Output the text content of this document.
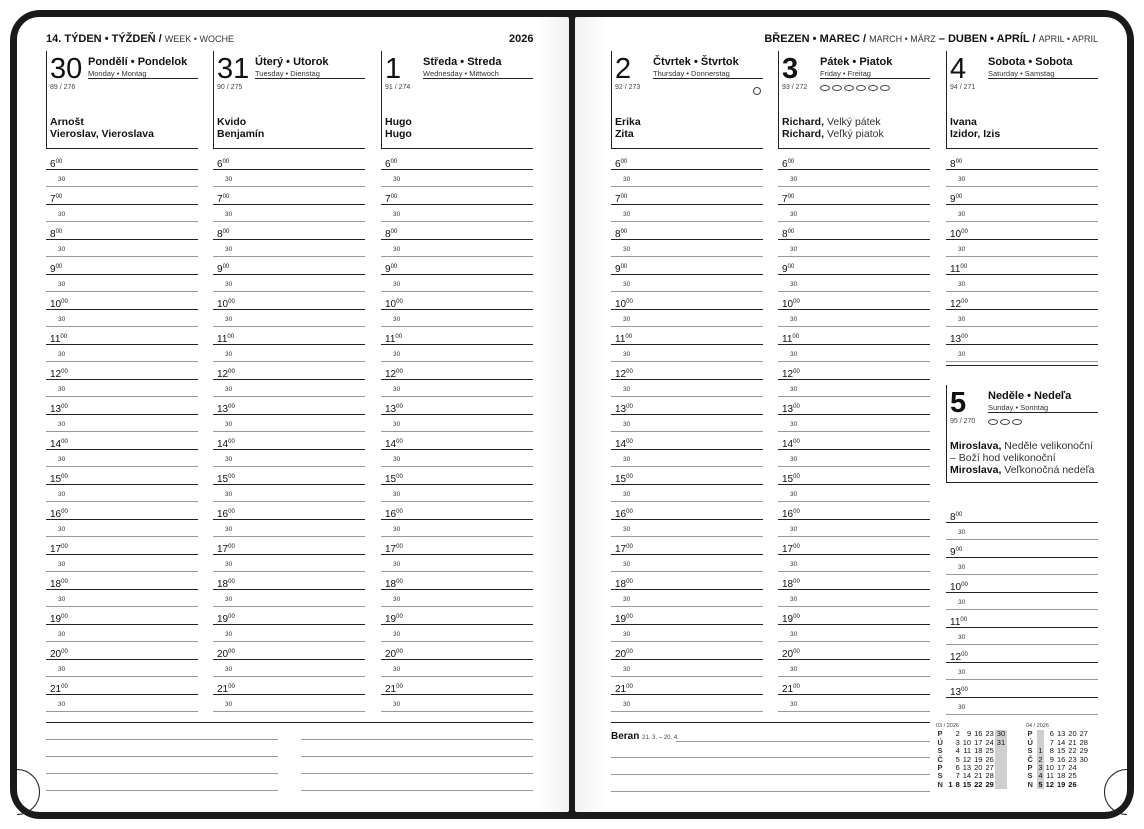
14. TÝDEN • TÝŽDEŇ / WEEK • WOCHE	2026	BŘEZEN • MAREC / MARCH • MÄRZ – DUBEN • APRÍL / APRIL • APRIL
30 Pondělí • Pondelok
Monday • Montag
89 / 276
Arnošt
Vieroslav, Vieroslava
$6^{00}$
30
$7^{00}$
30
$8^{00}$
30
$9^{00}$
30
$10^{00}$
30
$11^{00}$
30
$12^{00}$
30
$13^{00}$
30
$14^{00}$
30
$15^{00}$
30
$16^{00}$
30
$17^{00}$
30
$18^{00}$
30
$19^{00}$
30
$20^{00}$
30
$21^{00}$
30
31 Úterý • Utorok
Tuesday • Dienstag
90 / 275
Kvido
Benjamín
$6^{00}$
30
$7^{00}$
30
$8^{00}$
30
$9^{00}$
30
$10^{00}$
30
$11^{00}$
30
$12^{00}$
30
$13^{00}$
30
$14^{00}$
30
$15^{00}$
30
$16^{00}$
30
$17^{00}$
30
$18^{00}$
30
$19^{00}$
30
$20^{00}$
30
$21^{00}$
30
1 Středa • Streda
Wednesday • Mittwoch
91 / 274
Hugo
Hugo
$6^{00}$
30
$7^{00}$
30
$8^{00}$
30
$9^{00}$
30
$10^{00}$
30
$11^{00}$
30
$12^{00}$
30
$13^{00}$
30
$14^{00}$
30
$15^{00}$
30
$16^{00}$
30
$17^{00}$
30
$18^{00}$
30
$19^{00}$
30
$20^{00}$
30
$21^{00}$
30
2 Čtvrtek • Štvrtok
Thursday • Donnerstag
92 / 273
Erika
Zita
$6^{00}$
30
$7^{00}$
30
$8^{00}$
30
$9^{00}$
30
$10^{00}$
30
$11^{00}$
30
$12^{00}$
30
$13^{00}$
30
$14^{00}$
30
$15^{00}$
30
$16^{00}$
30
$17^{00}$
30
$18^{00}$
30
$19^{00}$
30
$20^{00}$
30
$21^{00}$
30
3 Pátek • Piatok
Friday • Freitag
93 / 272
Richard, Velký pátek
Richard, Veľký piatok
$6^{00}$
30
$7^{00}$
30
$8^{00}$
30
$9^{00}$
30
$10^{00}$
30
$11^{00}$
30
$12^{00}$
30
$13^{00}$
30
$14^{00}$
30
$15^{00}$
30
$16^{00}$
30
$17^{00}$
30
$18^{00}$
30
$19^{00}$
30
$20^{00}$
30
$21^{00}$
30
4 Sobota • Sobota
Saturday • Samstag
94 / 271
Ivana
Izidor, Izis
$8^{00}$
30
$9^{00}$
30
$10^{00}$
30
$11^{00}$
30
$12^{00}$
30
$13^{00}$
30
5 Neděle • Nedeľa
Sunday • Sonntag
95 / 270
Miroslava, Neděle velikonoční
– Boží hod velikonoční
Miroslava, Veľkonočná nedeľa
$8^{00}$
30
$9^{00}$
30
$10^{00}$
30
$11^{00}$
30
$12^{00}$
30
$13^{00}$
30
Beran 21. 3. – 20. 4.
03 / 2026
P		2	9	16	23	30
Ú		3	10	17	24	31
S		4	11	18	25	
Č		5	12	19	26	
P		6	13	20	27	
S		7	14	21	28	
N	1	8	15	22	29	
04 / 2026
P		6	13	20	27
Ú		7	14	21	28
S	1	8	15	22	29
Č	2	9	16	23	30
P	3	10	17	24	
S	4	11	18	25	
N	5	12	19	26	
